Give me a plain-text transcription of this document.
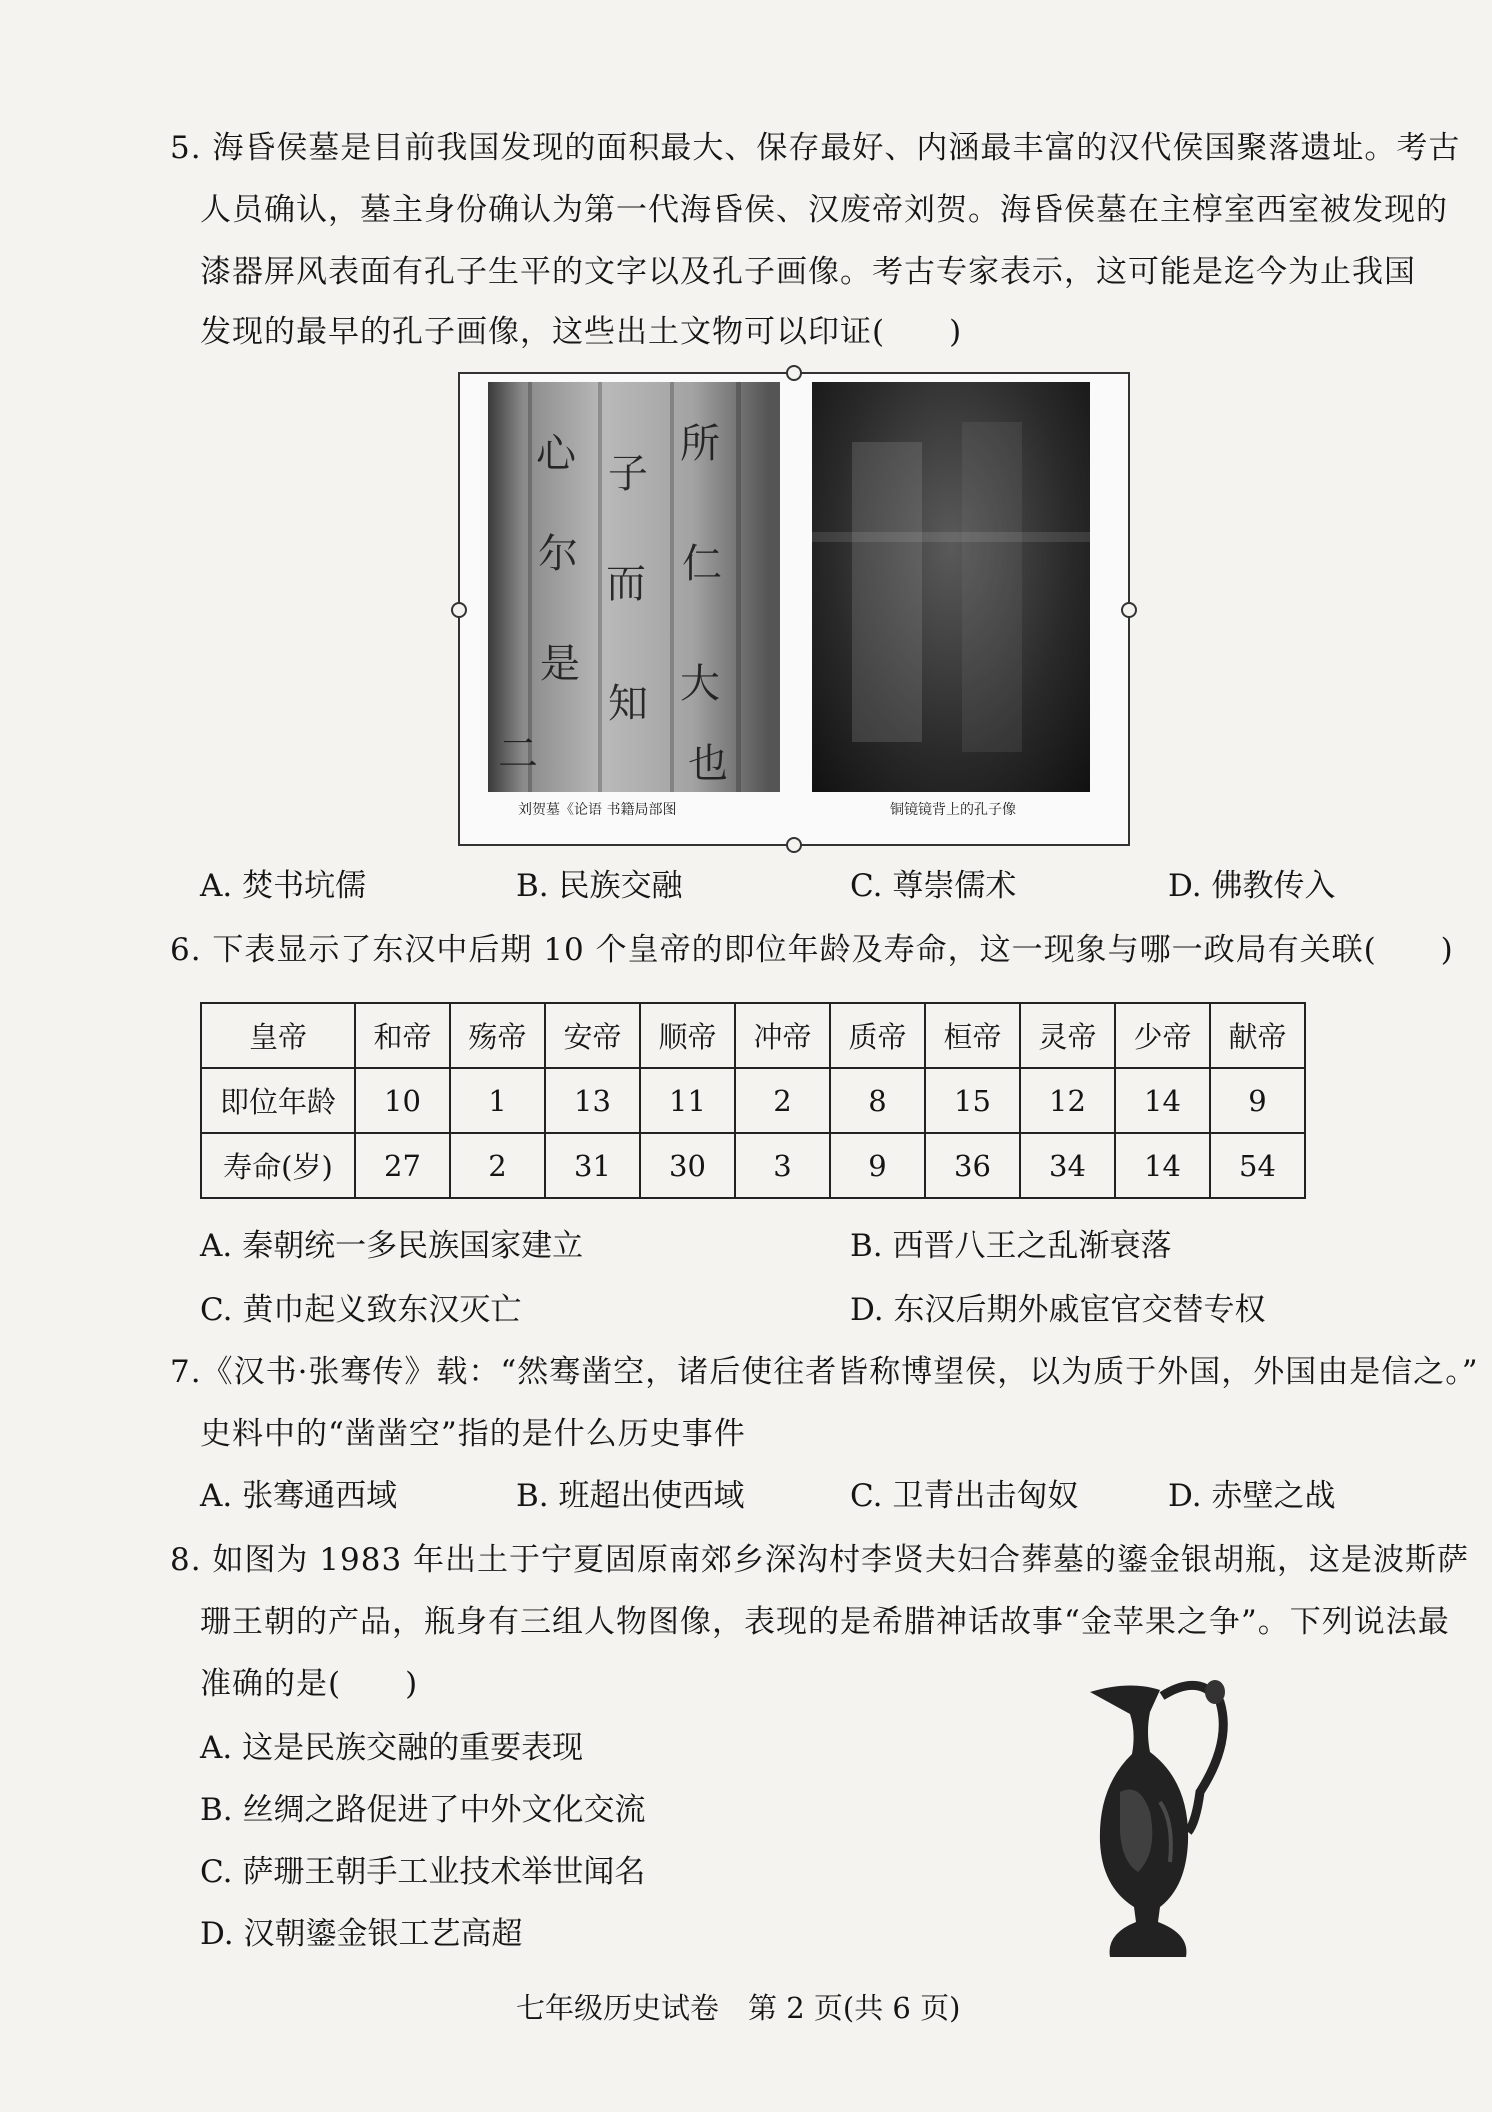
5. 海昏侯墓是目前我国发现的面积最大、保存最好、内涵最丰富的汉代侯国聚落遗址。考古
人员确认，墓主身份确认为第一代海昏侯、汉废帝刘贺。海昏侯墓在主椁室西室被发现的
漆器屏风表面有孔子生平的文字以及孔子画像。考古专家表示，这可能是迄今为止我国
发现的最早的孔子画像，这些出土文物可以印证(　　)
心
尔
是
子
而
知
所
仁
大
二	也
刘贺墓《论语 书籍局部图	铜镜镜背上的孔子像
A. 焚书坑儒	B. 民族交融	C. 尊崇儒术	D. 佛教传入
6. 下表显示了东汉中后期 10 个皇帝的即位年龄及寿命，这一现象与哪一政局有关联(　　)
皇帝	和帝	殇帝	安帝	顺帝	冲帝	质帝	桓帝	灵帝	少帝	献帝
即位年龄	10	1	13	11	2	8	15	12	14	9
寿命(岁)	27	2	31	30	3	9	36	34	14	54
A. 秦朝统一多民族国家建立	B. 西晋八王之乱渐衰落
C. 黄巾起义致东汉灭亡	D. 东汉后期外戚宦官交替专权
7.《汉书·张骞传》载：“然骞凿空，诸后使往者皆称博望侯，以为质于外国，外国由是信之。”
史料中的“凿凿空”指的是什么历史事件
A. 张骞通西域	B. 班超出使西域	C. 卫青出击匈奴	D. 赤壁之战
8. 如图为 1983 年出土于宁夏固原南郊乡深沟村李贤夫妇合葬墓的鎏金银胡瓶，这是波斯萨
珊王朝的产品，瓶身有三组人物图像，表现的是希腊神话故事“金苹果之争”。下列说法最
准确的是(　　)
A. 这是民族交融的重要表现
B. 丝绸之路促进了中外文化交流
C. 萨珊王朝手工业技术举世闻名
D. 汉朝鎏金银工艺高超
七年级历史试卷　第 2 页(共 6 页)
